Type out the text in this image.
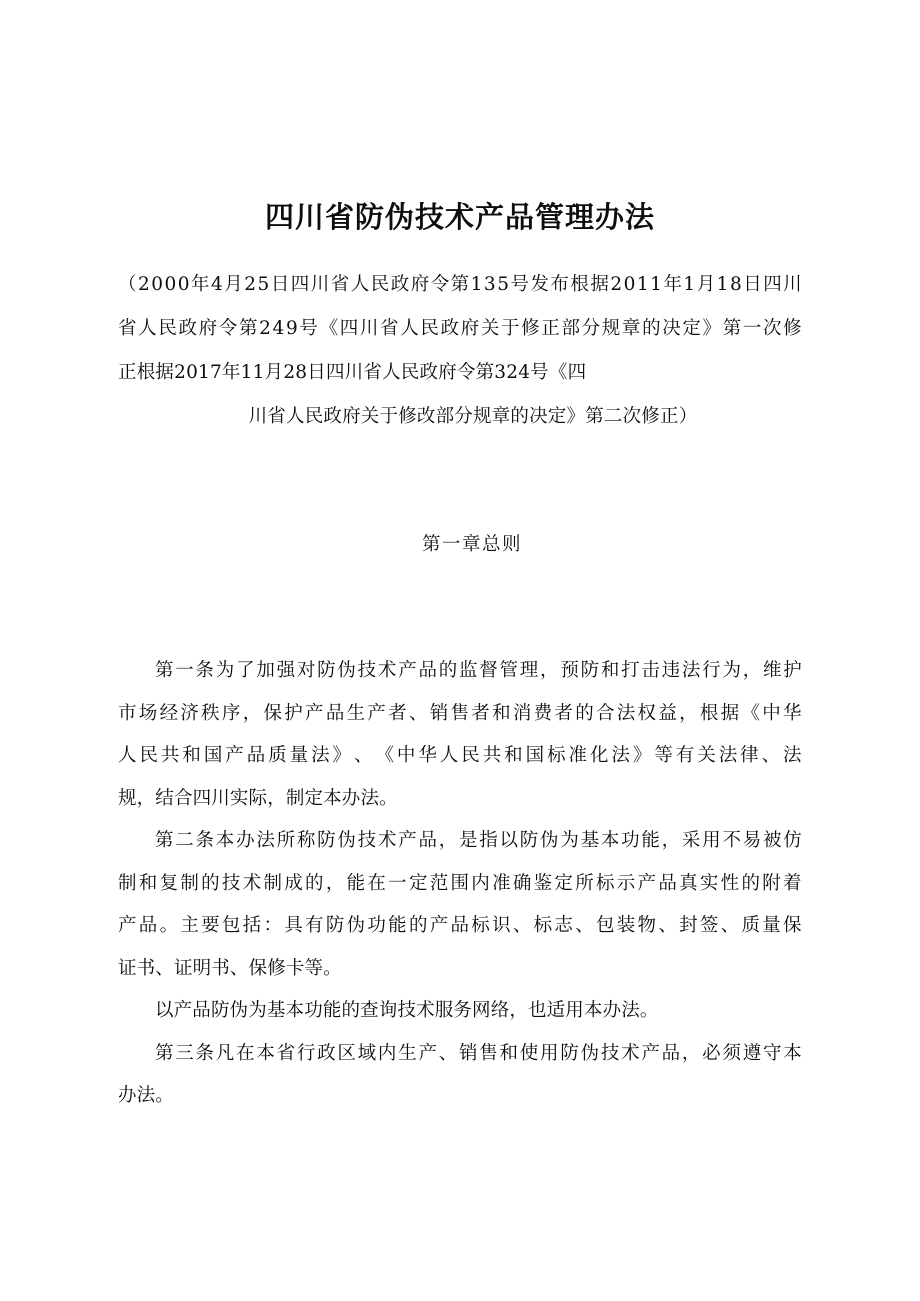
四川省防伪技术产品管理办法
（ 2 0 0 0 年 4 月 2 5 日 四 川 省 人 民 政 府 令 第 1 3 5 号 发 布 根 据 2 0 1 1 年 1 月 1 8 日 四 川
省 人 民 政 府 令 第 2 4 9 号 《 四 川 省 人 民 政 府 关 于 修 正 部 分 规 章 的 决 定 》 第 一 次 修
正根据2017年11月28日四川省人民政府令第324号《四
川省人民政府关于修改部分规章的决定》第二次修正）
第一章总则

第 一 条 为 了 加 强 对 防 伪 技 术 产 品 的 监 督 管 理 ， 预 防 和 打 击 违 法 行 为 ， 维 护
市 场 经 济 秩 序 ， 保 护 产 品 生 产 者 、 销 售 者 和 消 费 者 的 合 法 权 益 ， 根 据 《 中 华
人 民 共 和 国 产 品 质 量 法 》 、 《 中 华 人 民 共 和 国 标 准 化 法 》 等 有 关 法 律 、 法
规，结合四川实际，制定本办法。

第 二 条 本 办 法 所 称 防 伪 技 术 产 品 ， 是 指 以 防 伪 为 基 本 功 能 ， 采 用 不 易 被 仿
制 和 复 制 的 技 术 制 成 的 ， 能 在 一 定 范 围 内 准 确 鉴 定 所 标 示 产 品 真 实 性 的 附 着
产 品 。 主 要 包 括 ： 具 有 防 伪 功 能 的 产 品 标 识 、 标 志 、 包 装 物 、 封 签 、 质 量 保
证书、证明书、保修卡等。

以产品防伪为基本功能的查询技术服务网络，也适用本办法。

第 三 条 凡 在 本 省 行 政 区 域 内 生 产 、 销 售 和 使 用 防 伪 技 术 产 品 ， 必 须 遵 守 本
办法。
